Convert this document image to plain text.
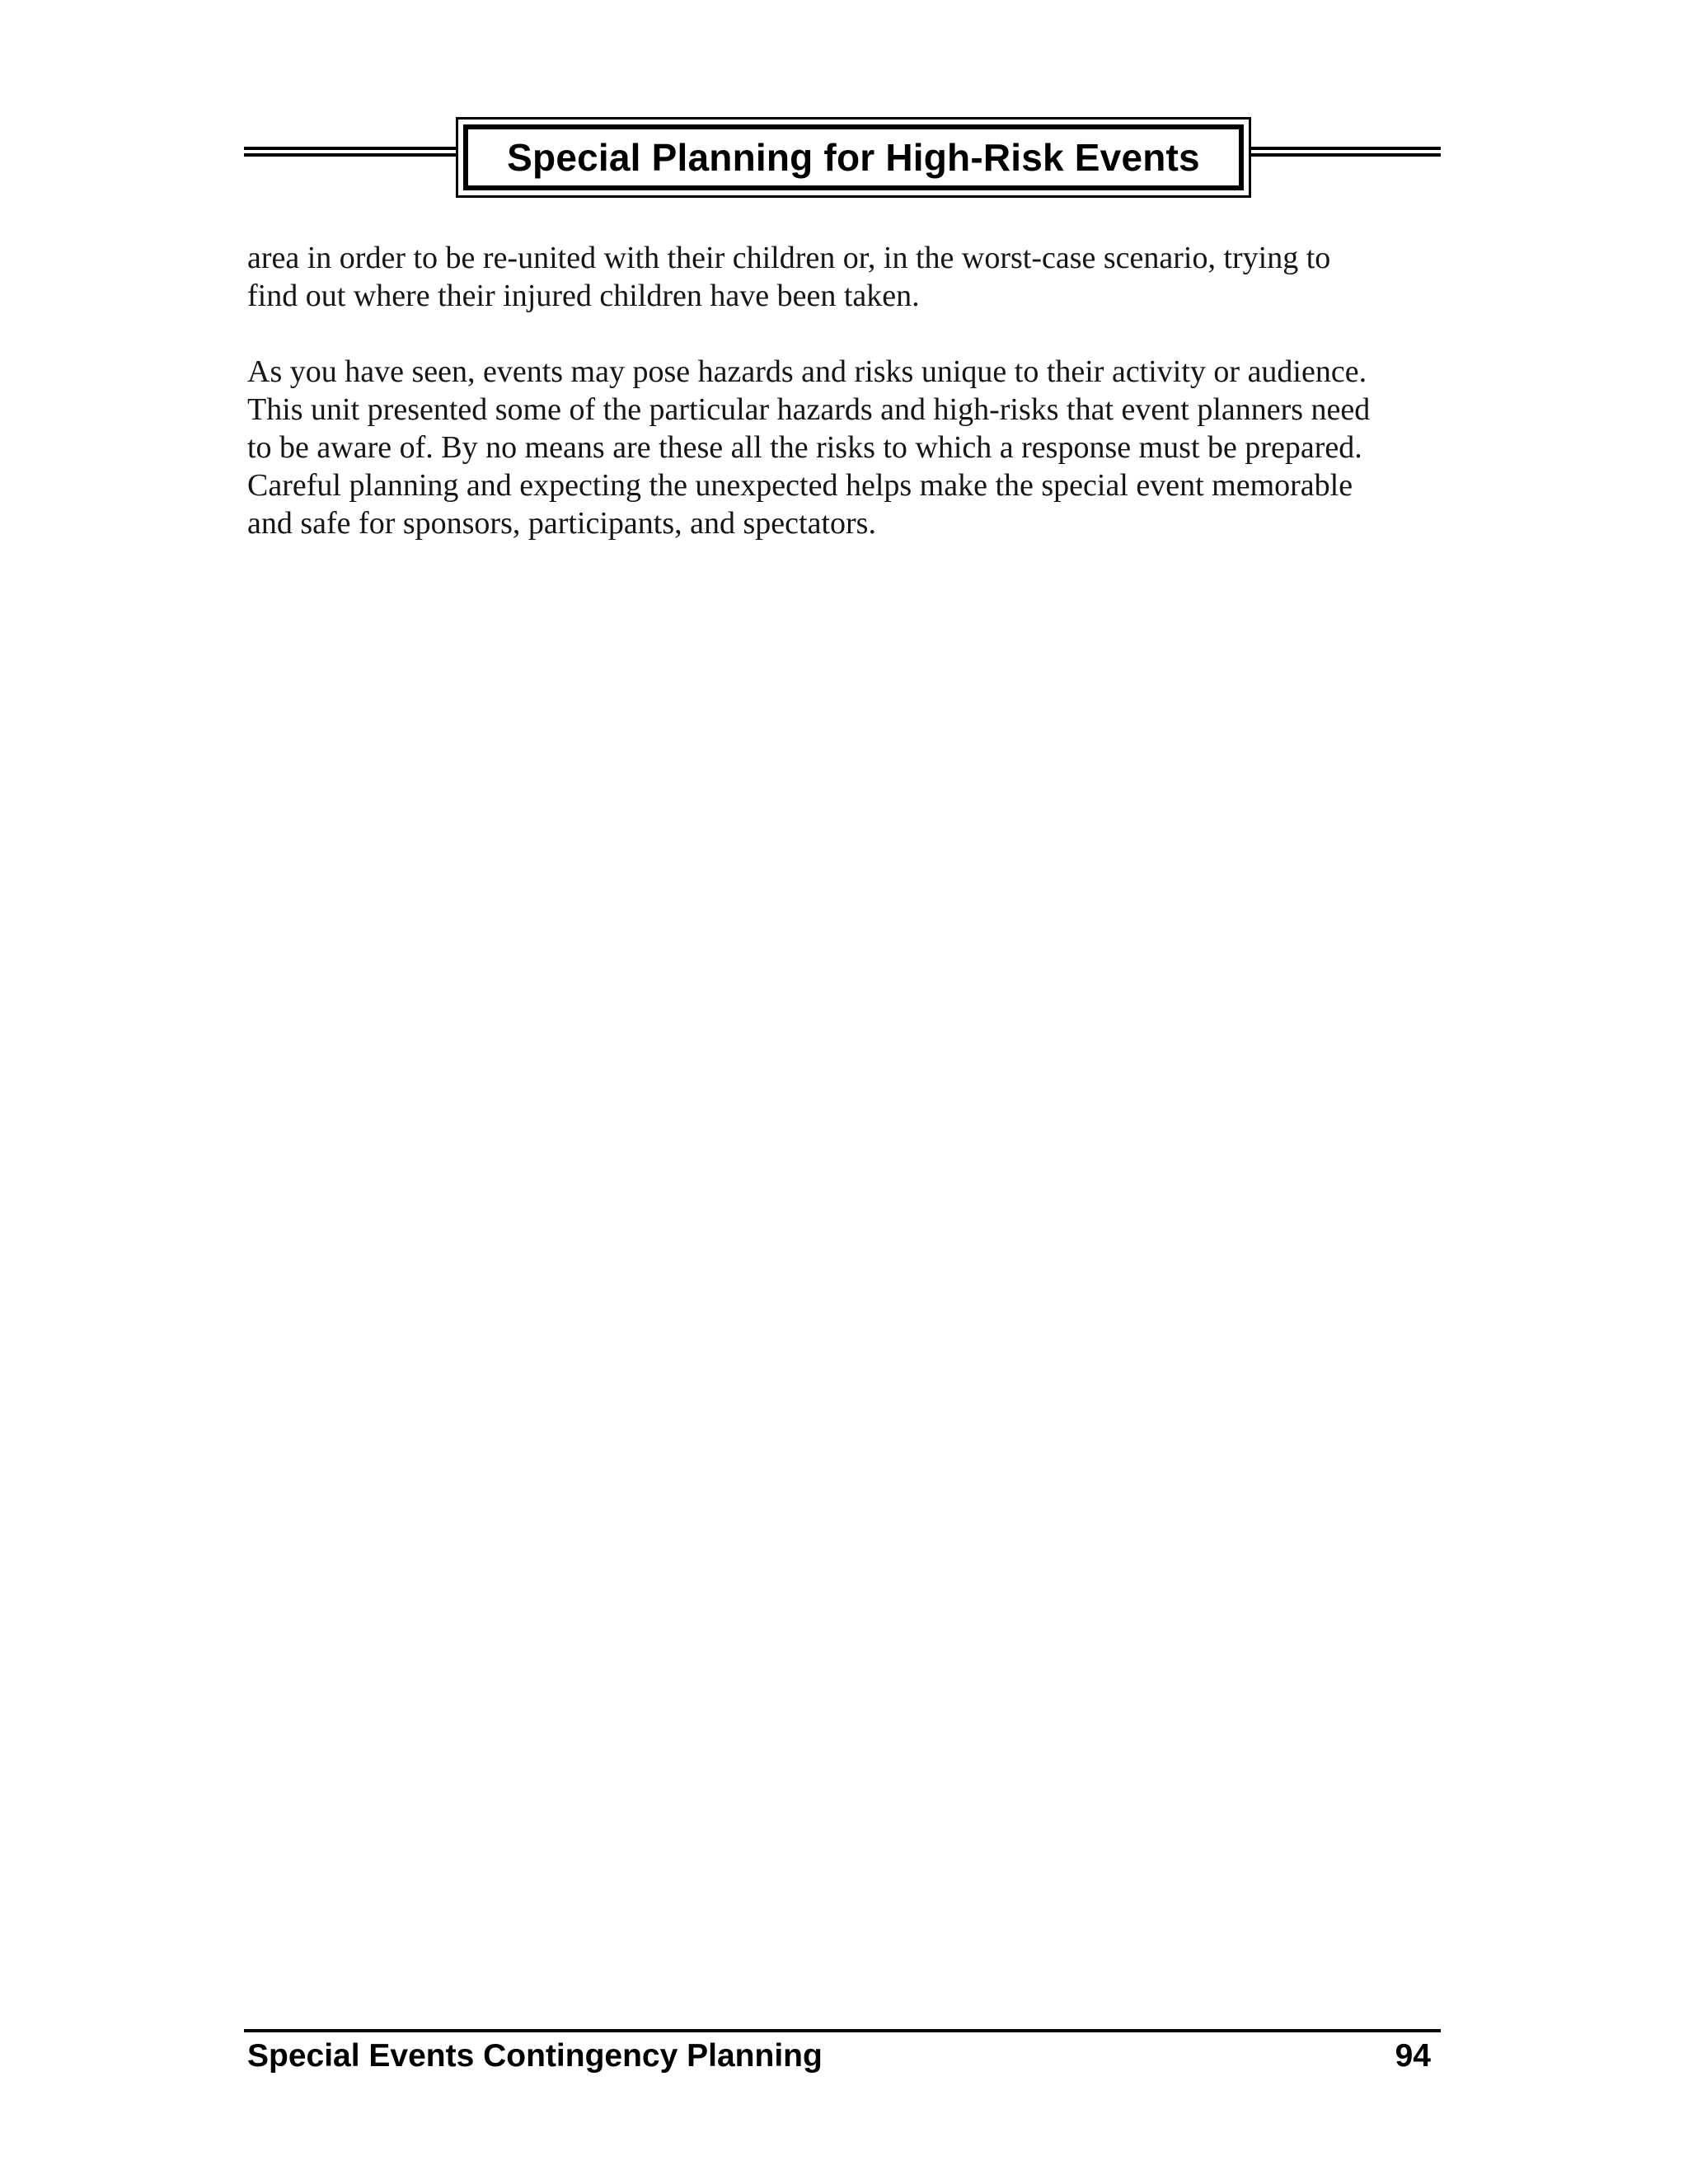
Special Planning for High-Risk Events

area in order to be re-united with their children or, in the worst-case scenario, trying to
find out where their injured children have been taken.

As you have seen, events may pose hazards and risks unique to their activity or audience.
This unit presented some of the particular hazards and high-risks that event planners need
to be aware of. By no means are these all the risks to which a response must be prepared.
Careful planning and expecting the unexpected helps make the special event memorable
and safe for sponsors, participants, and spectators.

Special Events Contingency Planning	94
